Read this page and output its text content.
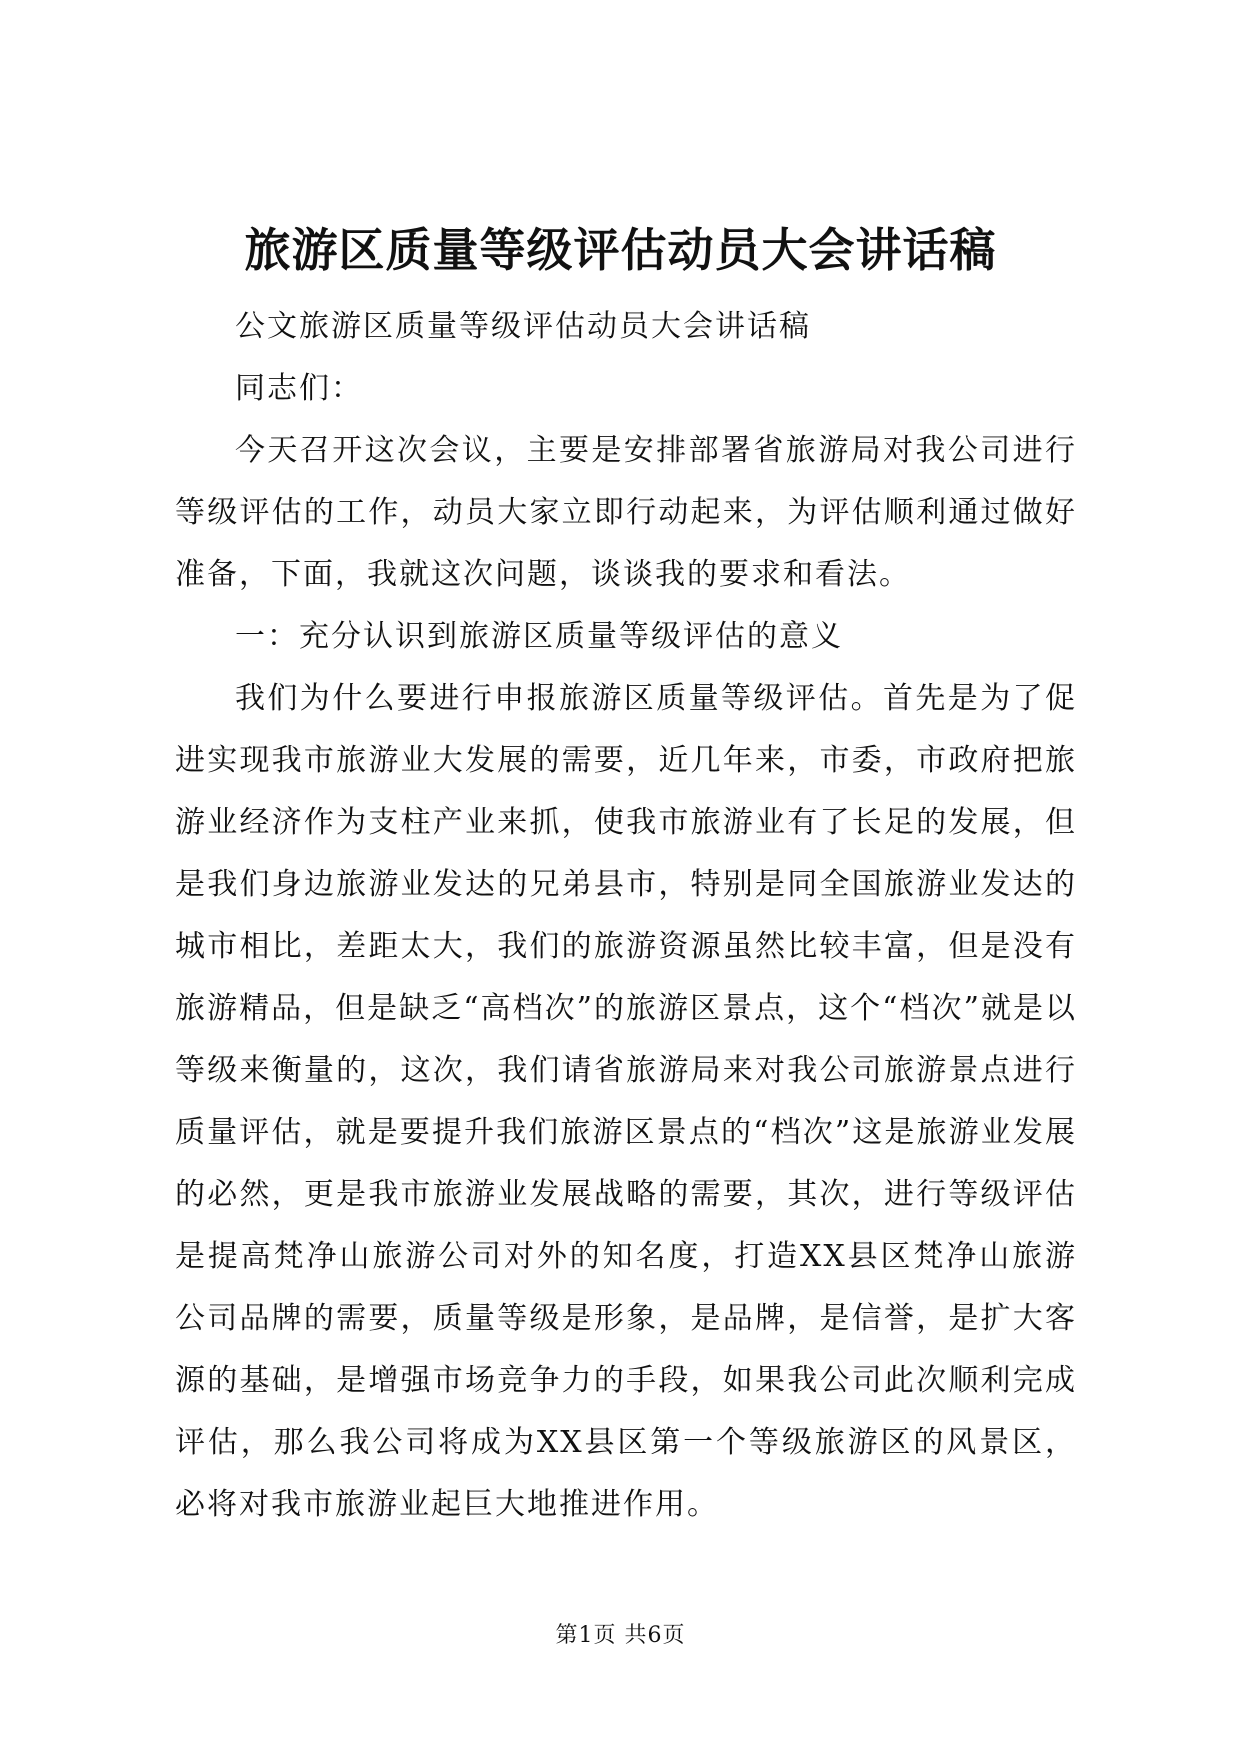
旅游区质量等级评估动员大会讲话稿

公文旅游区质量等级评估动员大会讲话稿

同志们：

今天召开这次会议，主要是安排部署省旅游局对我公司进行等级评估的工作，动员大家立即行动起来，为评估顺利通过做好准备，下面，我就这次问题，谈谈我的要求和看法。

一：充分认识到旅游区质量等级评估的意义

我们为什么要进行申报旅游区质量等级评估。首先是为了促进实现我市旅游业大发展的需要，近几年来，市委，市政府把旅游业经济作为支柱产业来抓，使我市旅游业有了长足的发展，但是我们身边旅游业发达的兄弟县市，特别是同全国旅游业发达的城市相比，差距太大，我们的旅游资源虽然比较丰富，但是没有旅游精品，但是缺乏“高档次”的旅游区景点，这个“档次”就是以等级来衡量的，这次，我们请省旅游局来对我公司旅游景点进行质量评估，就是要提升我们旅游区景点的“档次”这是旅游业发展的必然，更是我市旅游业发展战略的需要，其次，进行等级评估是提高梵净山旅游公司对外的知名度，打造XX县区梵净山旅游公司品牌的需要，质量等级是形象，是品牌，是信誉，是扩大客源的基础，是增强市场竞争力的手段，如果我公司此次顺利完成评估，那么我公司将成为XX县区第一个等级旅游区的风景区，必将对我市旅游业起巨大地推进作用。

第1页 共6页
